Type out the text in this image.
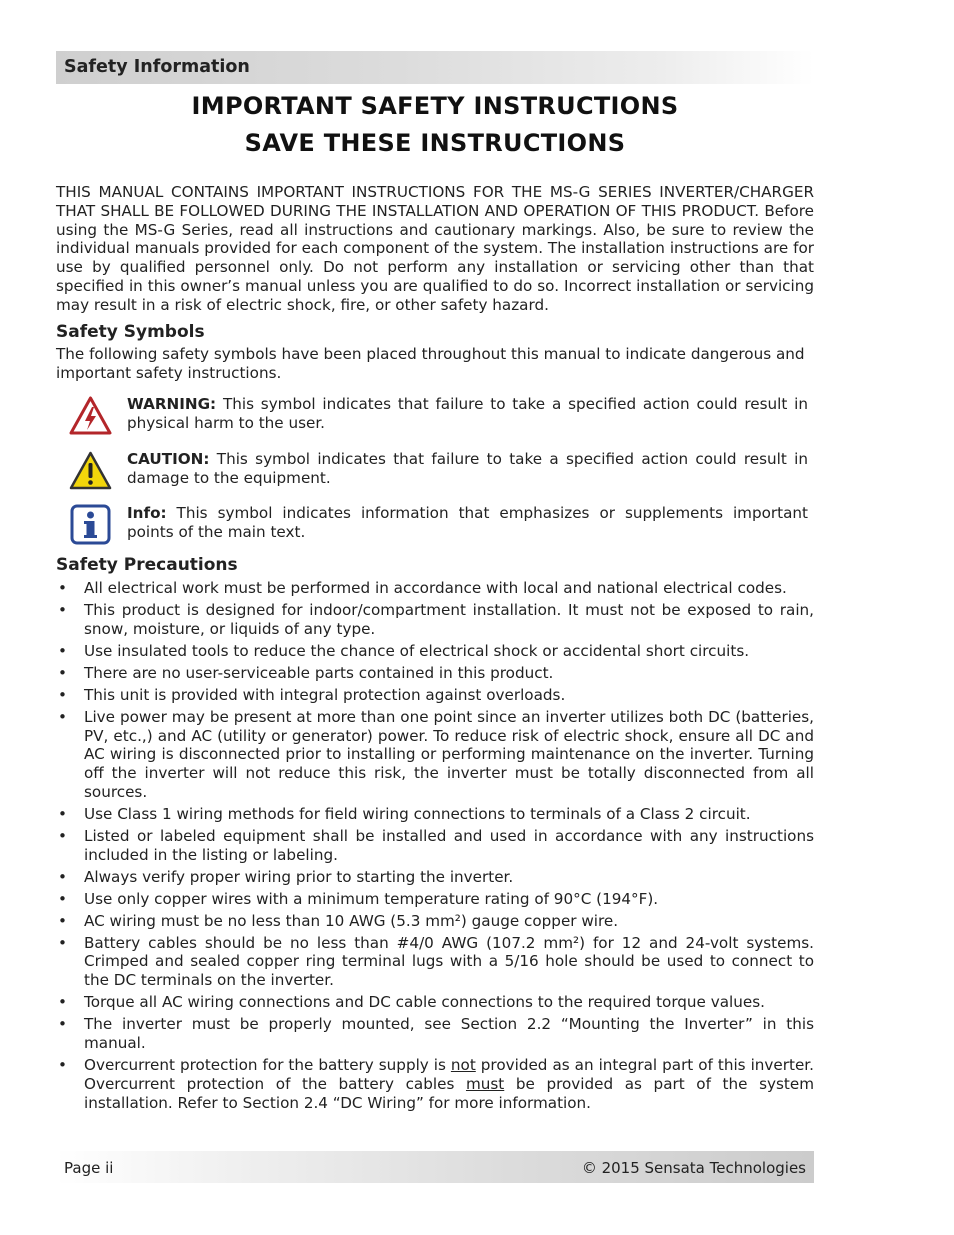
Safety Information
IMPORTANT SAFETY INSTRUCTIONS
SAVE THESE INSTRUCTIONS

THIS MANUAL CONTAINS IMPORTANT INSTRUCTIONS FOR THE MS-G SERIES INVERTER/CHARGER THAT SHALL BE FOLLOWED DURING THE INSTALLATION AND OPERATION OF THIS PRODUCT. Before using the MS-G Series, read all instructions and cautionary markings. Also, be sure to review the individual manuals provided for each component of the system. The installation instructions are for use by qualified personnel only. Do not perform any installation or servicing other than that specified in this owner’s manual unless you are qualified to do so. Incorrect installation or servicing may result in a risk of electric shock, fire, or other safety hazard.

Safety Symbols

The following safety symbols have been placed throughout this manual to indicate dangerous and important safety instructions.

WARNING: This symbol indicates that failure to take a specified action could result in physical harm to the user.

CAUTION: This symbol indicates that failure to take a specified action could result in damage to the equipment.

Info: This symbol indicates information that emphasizes or supplements important points of the main text.

Safety Precautions
• All electrical work must be performed in accordance with local and national electrical codes.
• This product is designed for indoor/compartment installation. It must not be exposed to rain, snow, moisture, or liquids of any type.
• Use insulated tools to reduce the chance of electrical shock or accidental short circuits.
• There are no user-serviceable parts contained in this product.
• This unit is provided with integral protection against overloads.
• Live power may be present at more than one point since an inverter utilizes both DC (batteries, PV, etc.,) and AC (utility or generator) power. To reduce risk of electric shock, ensure all DC and AC wiring is disconnected prior to installing or performing maintenance on the inverter. Turning off the inverter will not reduce this risk, the inverter must be totally disconnected from all sources.
• Use Class 1 wiring methods for field wiring connections to terminals of a Class 2 circuit.
• Listed or labeled equipment shall be installed and used in accordance with any instructions included in the listing or labeling.
• Always verify proper wiring prior to starting the inverter.
• Use only copper wires with a minimum temperature rating of 90°C (194°F).
• AC wiring must be no less than 10 AWG (5.3 mm²) gauge copper wire.
• Battery cables should be no less than #4/0 AWG (107.2 mm²) for 12 and 24-volt systems. Crimped and sealed copper ring terminal lugs with a 5/16 hole should be used to connect to the DC terminals on the inverter.
• Torque all AC wiring connections and DC cable connections to the required torque values.
• The inverter must be properly mounted, see Section 2.2 “Mounting the Inverter” in this manual.
• Overcurrent protection for the battery supply is not provided as an integral part of this inverter. Overcurrent protection of the battery cables must be provided as part of the system installation. Refer to Section 2.4 “DC Wiring” for more information.
Page ii	© 2015 Sensata Technologies
